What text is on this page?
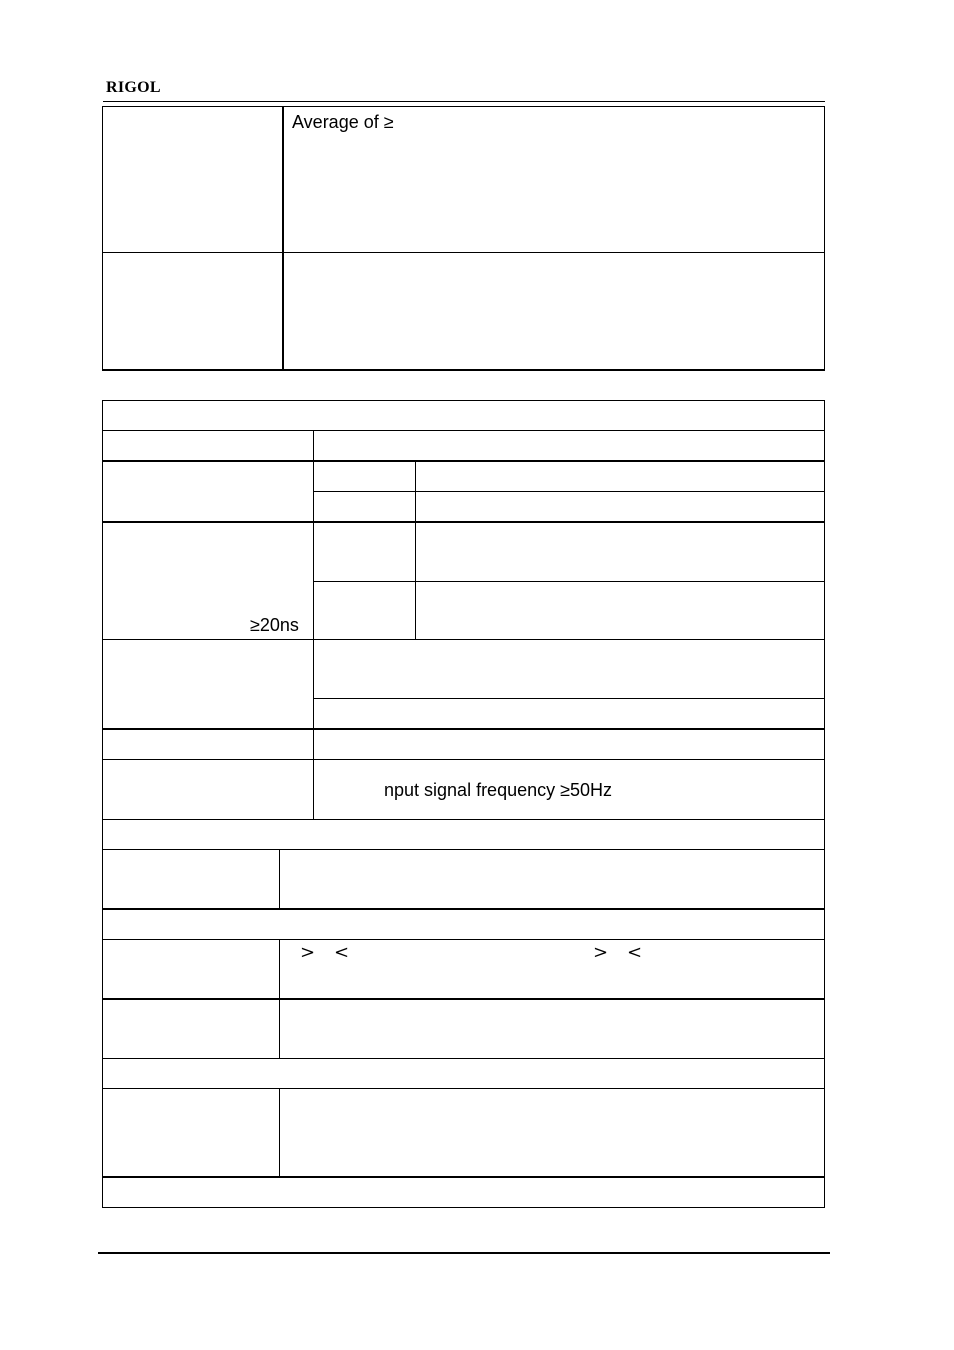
RIGOL
Average of ≥
≥20ns
nput signal frequency ≥50Hz
> <	> <
